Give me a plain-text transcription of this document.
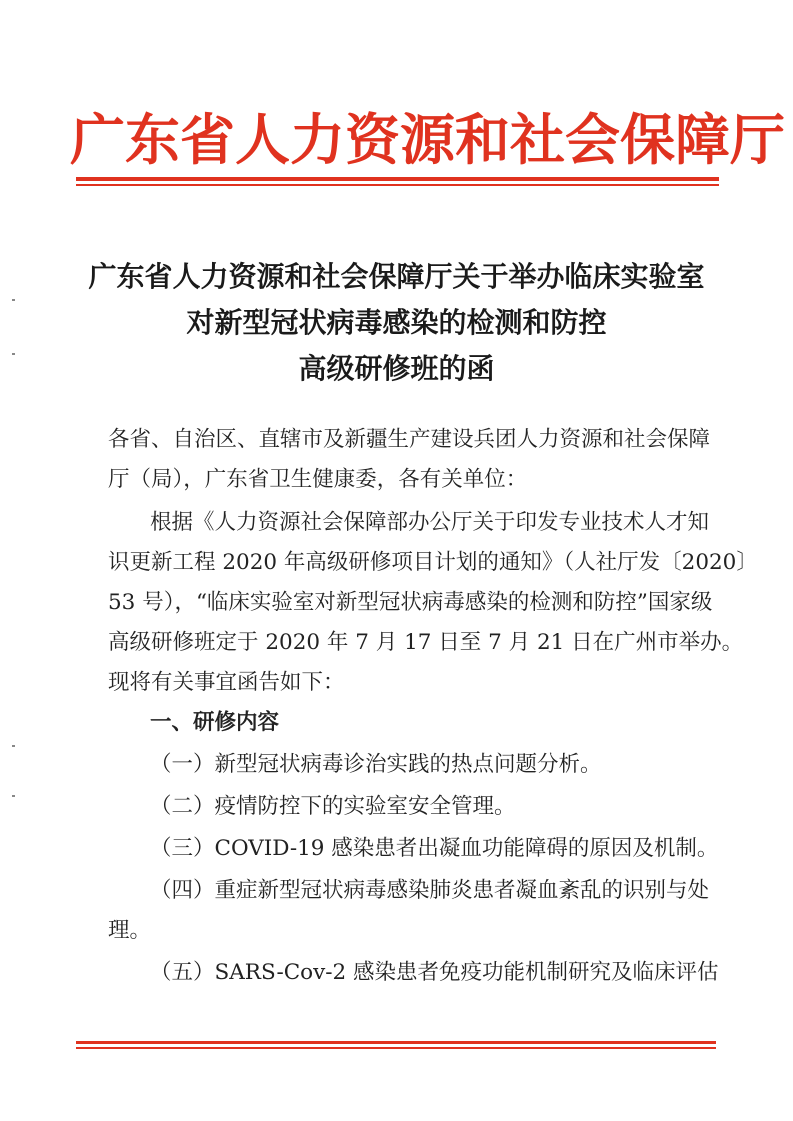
广东省人力资源和社会保障厅
广东省人力资源和社会保障厅关于举办临床实验室
对新型冠状病毒感染的检测和防控
高级研修班的函
各省、自治区、直辖市及新疆生产建设兵团人力资源和社会保障
厅（局），广东省卫生健康委，各有关单位：
根据《人力资源社会保障部办公厅关于印发专业技术人才知
识更新工程 2020 年高级研修项目计划的通知》（人社厅发〔2020〕
53 号），“临床实验室对新型冠状病毒感染的检测和防控”国家级
高级研修班定于 2020 年 7 月 17 日至 7 月 21 日在广州市举办。
现将有关事宜函告如下：
一、研修内容
（一）新型冠状病毒诊治实践的热点问题分析。
（二）疫情防控下的实验室安全管理。
（三）COVID-19 感染患者出凝血功能障碍的原因及机制。
（四）重症新型冠状病毒感染肺炎患者凝血紊乱的识别与处
理。
（五）SARS-Cov-2 感染患者免疫功能机制研究及临床评估
